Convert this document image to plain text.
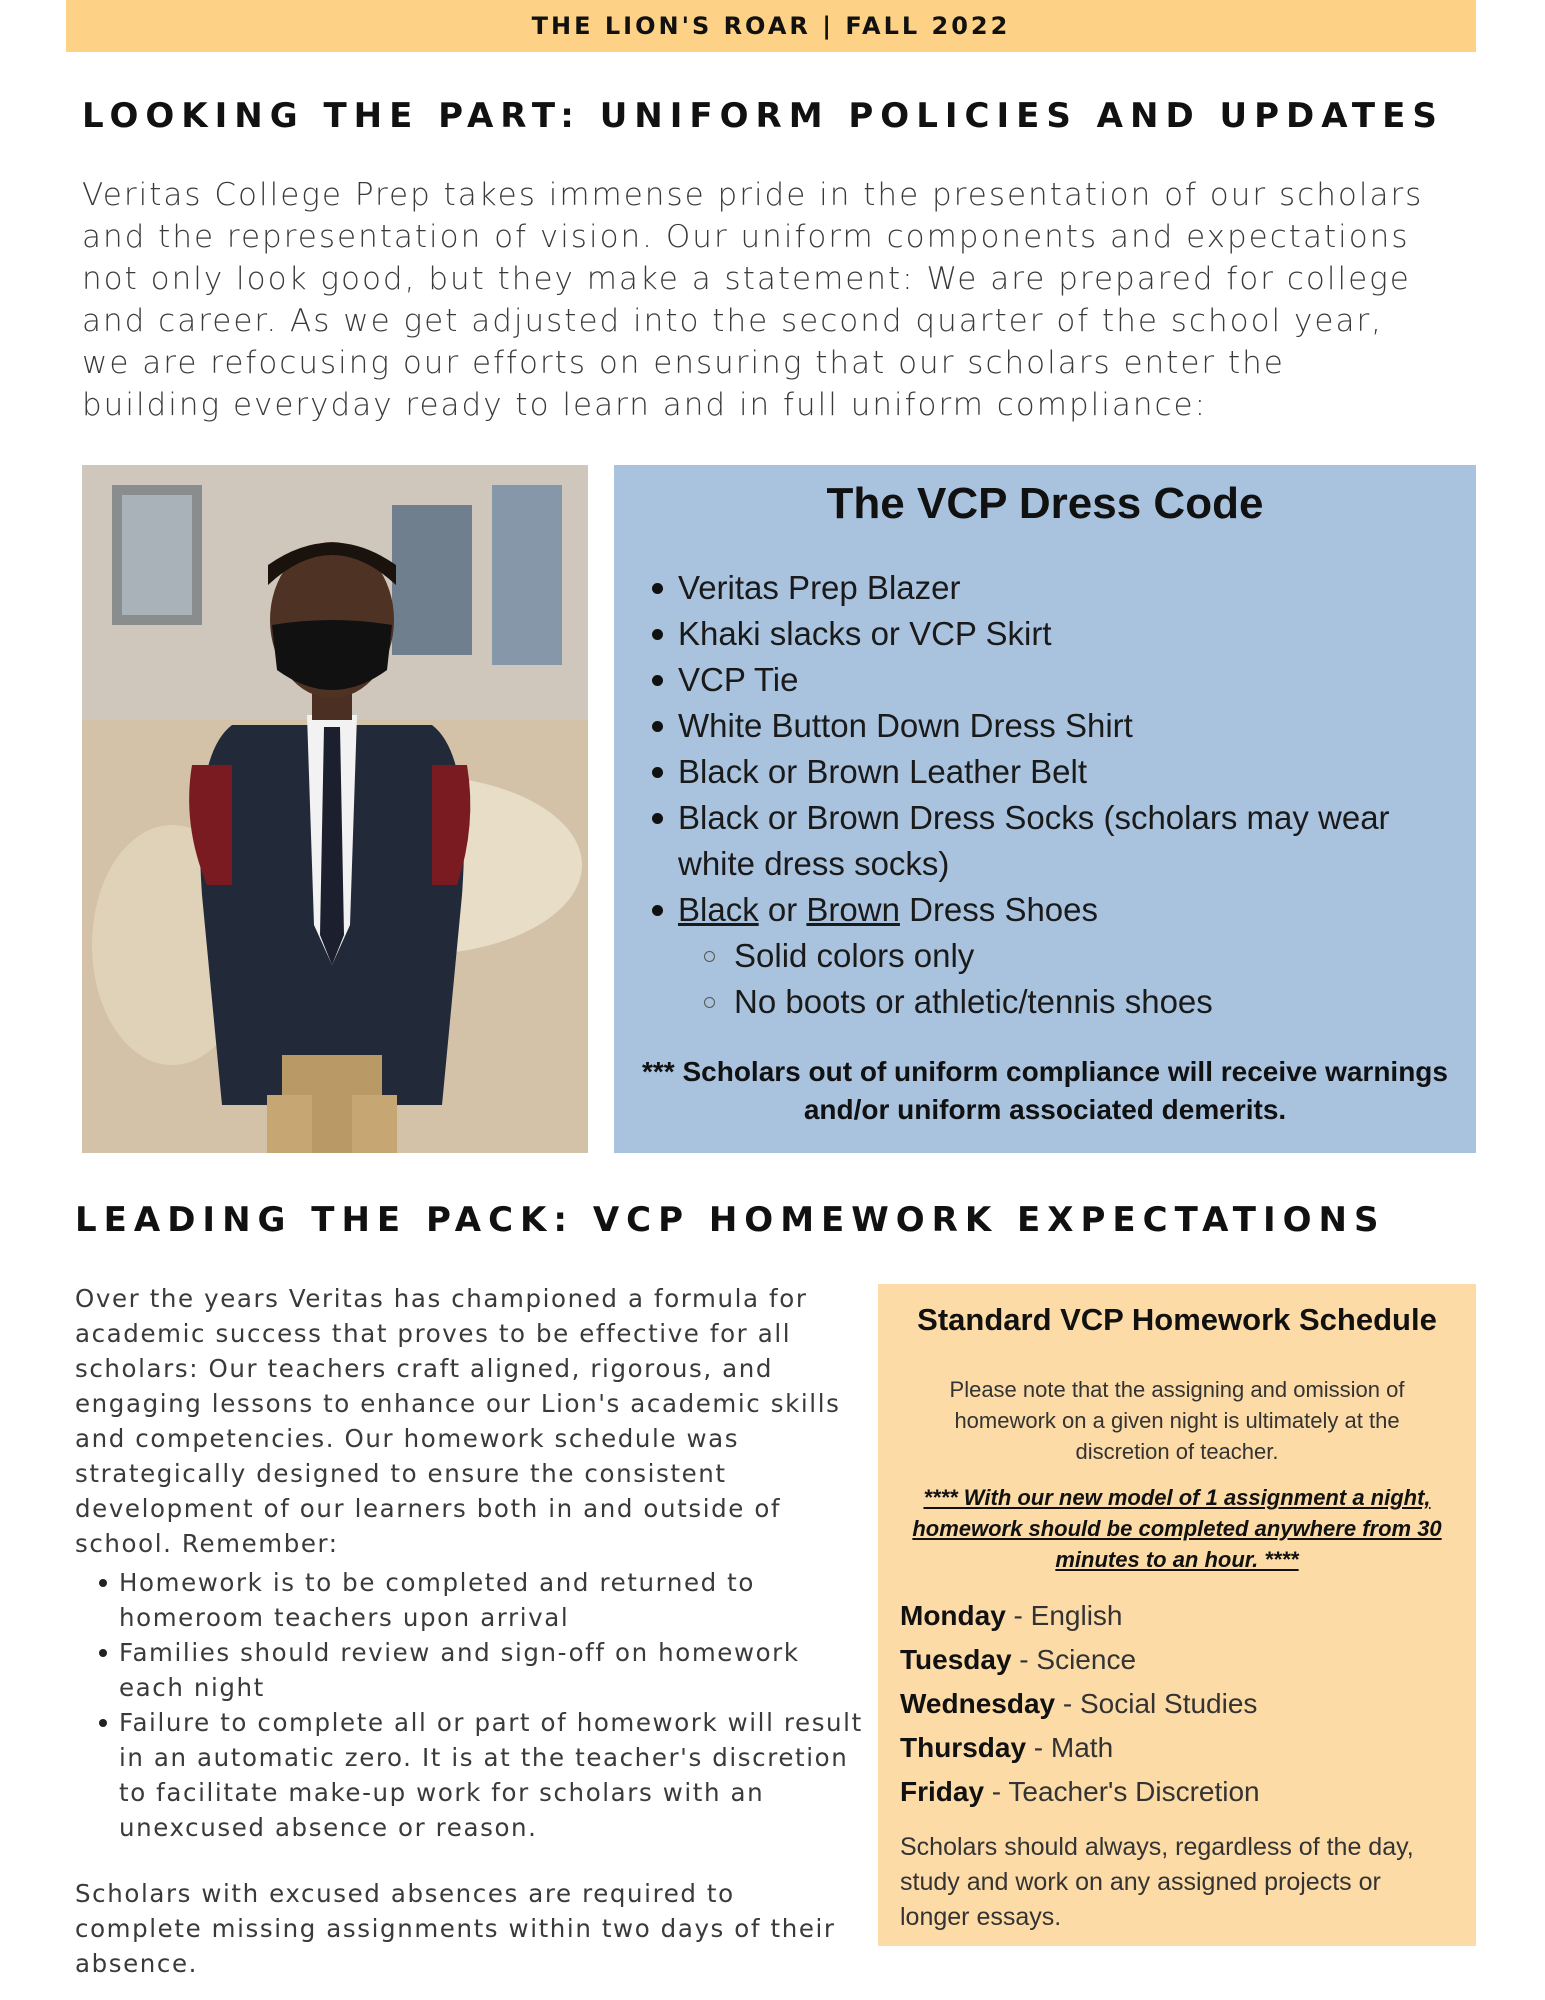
THE LION'S ROAR | FALL 2022
LOOKING THE PART: UNIFORM POLICIES AND UPDATES

Veritas College Prep takes immense pride in the presentation of our scholars and the representation of vision. Our uniform components and expectations not only look good, but they make a statement: We are prepared for college and career. As we get adjusted into the second quarter of the school year, we are refocusing our efforts on ensuring that our scholars enter the building everyday ready to learn and in full uniform compliance:

The VCP Dress Code
Veritas Prep Blazer
Khaki slacks or VCP Skirt
VCP Tie
White Button Down Dress Shirt
Black or Brown Leather Belt
Black or Brown Dress Socks (scholars may wear white dress socks)
Black or Brown Dress Shoes
Solid colors only
No boots or athletic/tennis shoes

*** Scholars out of uniform compliance will receive warnings and/or uniform associated demerits.

LEADING THE PACK: VCP HOMEWORK EXPECTATIONS

Over the years Veritas has championed a formula for academic success that proves to be effective for all scholars: Our teachers craft aligned, rigorous, and engaging lessons to enhance our Lion's academic skills and competencies. Our homework schedule was strategically designed to ensure the consistent development of our learners both in and outside of school. Remember:

Homework is to be completed and returned to homeroom teachers upon arrival
Families should review and sign-off on homework each night
Failure to complete all or part of homework will result in an automatic zero. It is at the teacher's discretion to facilitate make-up work for scholars with an unexcused absence or reason.

Scholars with excused absences are required to complete missing assignments within two days of their absence.

Standard VCP Homework Schedule

Please note that the assigning and omission of homework on a given night is ultimately at the discretion of teacher.

**** With our new model of 1 assignment a night, homework should be completed anywhere from 30 minutes to an hour. ****

Monday - English
Tuesday - Science
Wednesday - Social Studies
Thursday - Math
Friday - Teacher's Discretion

Scholars should always, regardless of the day, study and work on any assigned projects or longer essays.
